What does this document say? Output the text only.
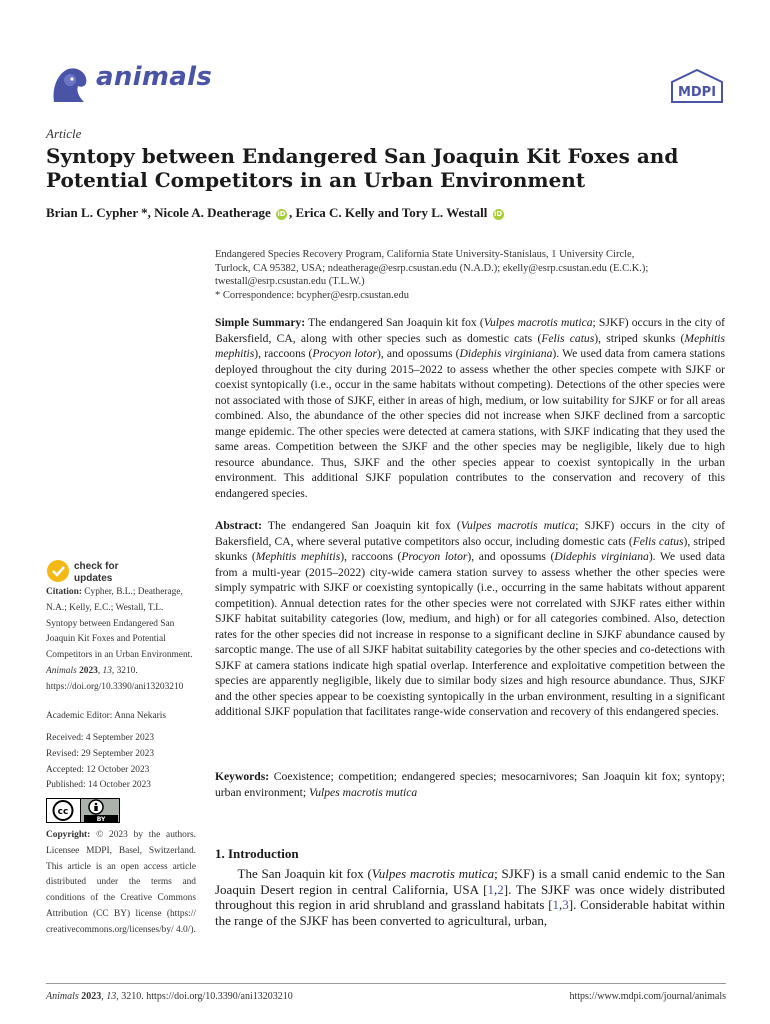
animals
MDPI
Article
Syntopy between Endangered San Joaquin Kit Foxes and Potential Competitors in an Urban Environment
Brian L. Cypher *, Nicole A. Deatherage iD , Erica C. Kelly and Tory L. Westall iD
Endangered Species Recovery Program, California State University-Stanislaus, 1 University Circle,
Turlock, CA 95382, USA; ndeatherage@esrp.csustan.edu (N.A.D.); ekelly@esrp.csustan.edu (E.C.K.);
twestall@esrp.csustan.edu (T.L.W.)
* Correspondence: bcypher@esrp.csustan.edu
Simple Summary: The endangered San Joaquin kit fox (Vulpes macrotis mutica; SJKF) occurs in the city of Bakersfield, CA, along with other species such as domestic cats (Felis catus), striped skunks (Mephitis mephitis), raccoons (Procyon lotor), and opossums (Didephis virginiana). We used data from camera stations deployed throughout the city during 2015–2022 to assess whether the other species compete with SJKF or coexist syntopically (i.e., occur in the same habitats without competing). Detections of the other species were not associated with those of SJKF, either in areas of high, medium, or low suitability for SJKF or for all areas combined. Also, the abundance of the other species did not increase when SJKF declined from a sarcoptic mange epidemic. The other species were detected at camera stations, with SJKF indicating that they used the same areas. Competition between the SJKF and the other species may be negligible, likely due to high resource abundance. Thus, SJKF and the other species appear to coexist syntopically in the urban environment. This additional SJKF population contributes to the conservation and recovery of this endangered species.
Abstract: The endangered San Joaquin kit fox (Vulpes macrotis mutica; SJKF) occurs in the city of Bakersfield, CA, where several putative competitors also occur, including domestic cats (Felis catus), striped skunks (Mephitis mephitis), raccoons (Procyon lotor), and opossums (Didephis virginiana). We used data from a multi-year (2015–2022) city-wide camera station survey to assess whether the other species were simply sympatric with SJKF or coexisting syntopically (i.e., occurring in the same habitats without apparent competition). Annual detection rates for the other species were not correlated with SJKF rates either within SJKF habitat suitability categories (low, medium, and high) or for all categories combined. Also, detection rates for the other species did not increase in response to a significant decline in SJKF abundance caused by sarcoptic mange. The use of all SJKF habitat suitability categories by the other species and co-detections with SJKF at camera stations indicate high spatial overlap. Interference and exploitative competition between the species are apparently negligible, likely due to similar body sizes and high resource abundance. Thus, SJKF and the other species appear to be coexisting syntopically in the urban environment, resulting in a significant additional SJKF population that facilitates range-wide conservation and recovery of this endangered species.
Keywords: Coexistence; competition; endangered species; mesocarnivores; San Joaquin kit fox; syntopy; urban environment; Vulpes macrotis mutica
check for
updates
Citation: Cypher, B.L.; Deatherage, N.A.; Kelly, E.C.; Westall, T.L. Syntopy between Endangered San Joaquin Kit Foxes and Potential Competitors in an Urban Environment. Animals 2023, 13, 3210. https://doi.org/10.3390/ani13203210
Academic Editor: Anna Nekaris
Received: 4 September 2023
Revised: 29 September 2023
Accepted: 12 October 2023
Published: 14 October 2023
cc
BY
Copyright: © 2023 by the authors. Licensee MDPI, Basel, Switzerland. This article is an open access article distributed under the terms and conditions of the Creative Commons Attribution (CC BY) license (https:// creativecommons.org/licenses/by/ 4.0/).
1. Introduction
The San Joaquin kit fox (Vulpes macrotis mutica; SJKF) is a small canid endemic to the San Joaquin Desert region in central California, USA [1,2]. The SJKF was once widely distributed throughout this region in arid shrubland and grassland habitats [1,3]. Considerable habitat within the range of the SJKF has been converted to agricultural, urban,
Animals 2023, 13, 3210. https://doi.org/10.3390/ani13203210	https://www.mdpi.com/journal/animals
